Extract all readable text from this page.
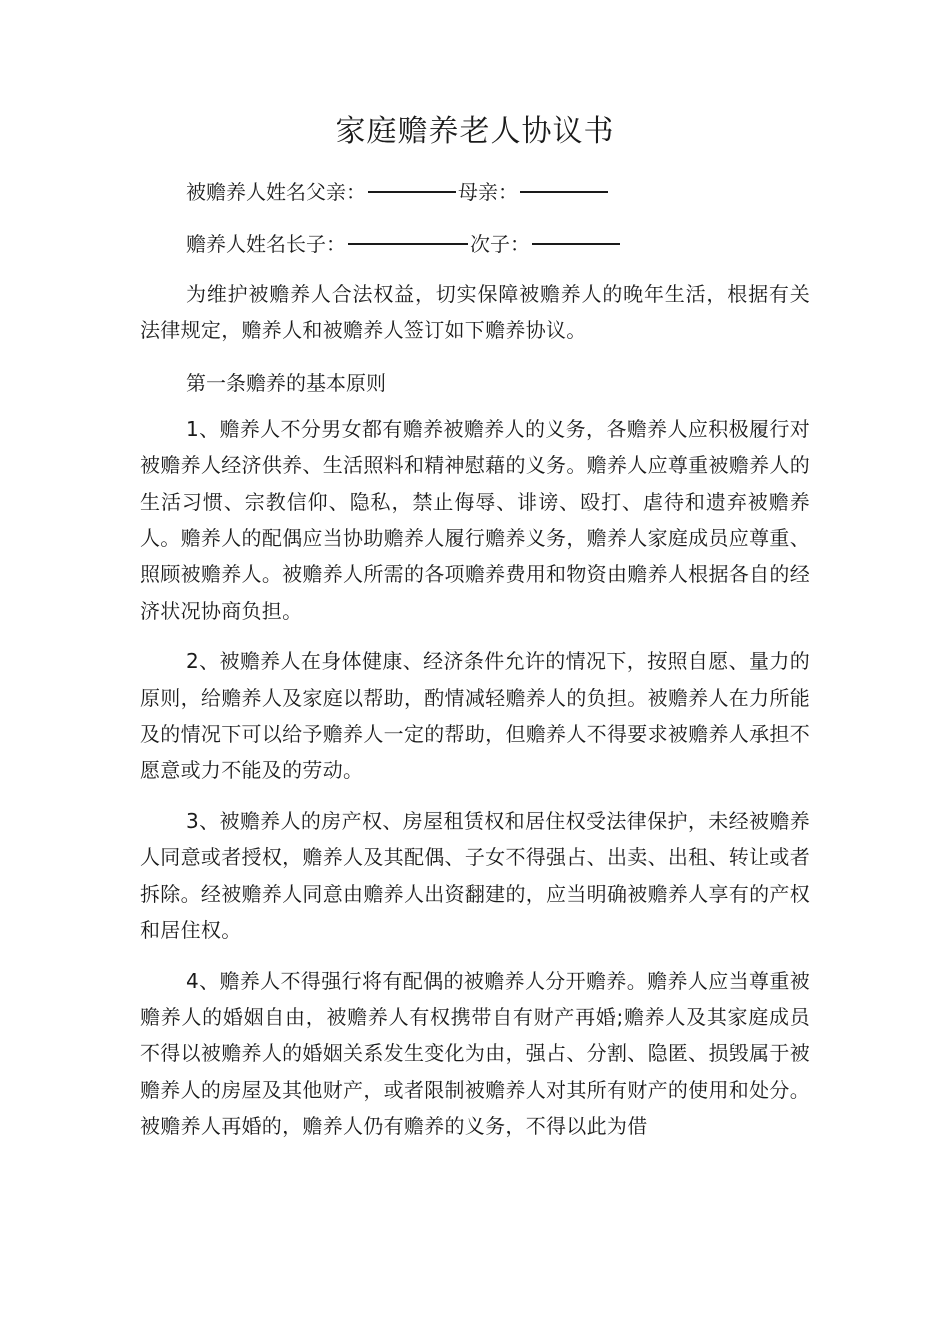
家庭赡养老人协议书

被赡养人姓名父亲：	母亲：

赡养人姓名长子：	次子：

为维护被赡养人合法权益，切实保障被赡养人的晚年生活，根据有关法律规定，赡养人和被赡养人签订如下赡养协议。

第一条赡养的基本原则

1、赡养人不分男女都有赡养被赡养人的义务，各赡养人应积极履行对被赡养人经济供养、生活照料和精神慰藉的义务。赡养人应尊重被赡养人的生活习惯、宗教信仰、隐私，禁止侮辱、诽谤、殴打、虐待和遗弃被赡养人。赡养人的配偶应当协助赡养人履行赡养义务，赡养人家庭成员应尊重、照顾被赡养人。被赡养人所需的各项赡养费用和物资由赡养人根据各自的经济状况协商负担。

2、被赡养人在身体健康、经济条件允许的情况下，按照自愿、量力的原则，给赡养人及家庭以帮助，酌情减轻赡养人的负担。被赡养人在力所能及的情况下可以给予赡养人一定的帮助，但赡养人不得要求被赡养人承担不愿意或力不能及的劳动。

3、被赡养人的房产权、房屋租赁权和居住权受法律保护，未经被赡养人同意或者授权，赡养人及其配偶、子女不得强占、出卖、出租、转让或者拆除。经被赡养人同意由赡养人出资翻建的，应当明确被赡养人享有的产权和居住权。

4、赡养人不得强行将有配偶的被赡养人分开赡养。赡养人应当尊重被赡养人的婚姻自由，被赡养人有权携带自有财产再婚;赡养人及其家庭成员不得以被赡养人的婚姻关系发生变化为由，强占、分割、隐匿、损毁属于被赡养人的房屋及其他财产，或者限制被赡养人对其所有财产的使用和处分。被赡养人再婚的，赡养人仍有赡养的义务，不得以此为借
